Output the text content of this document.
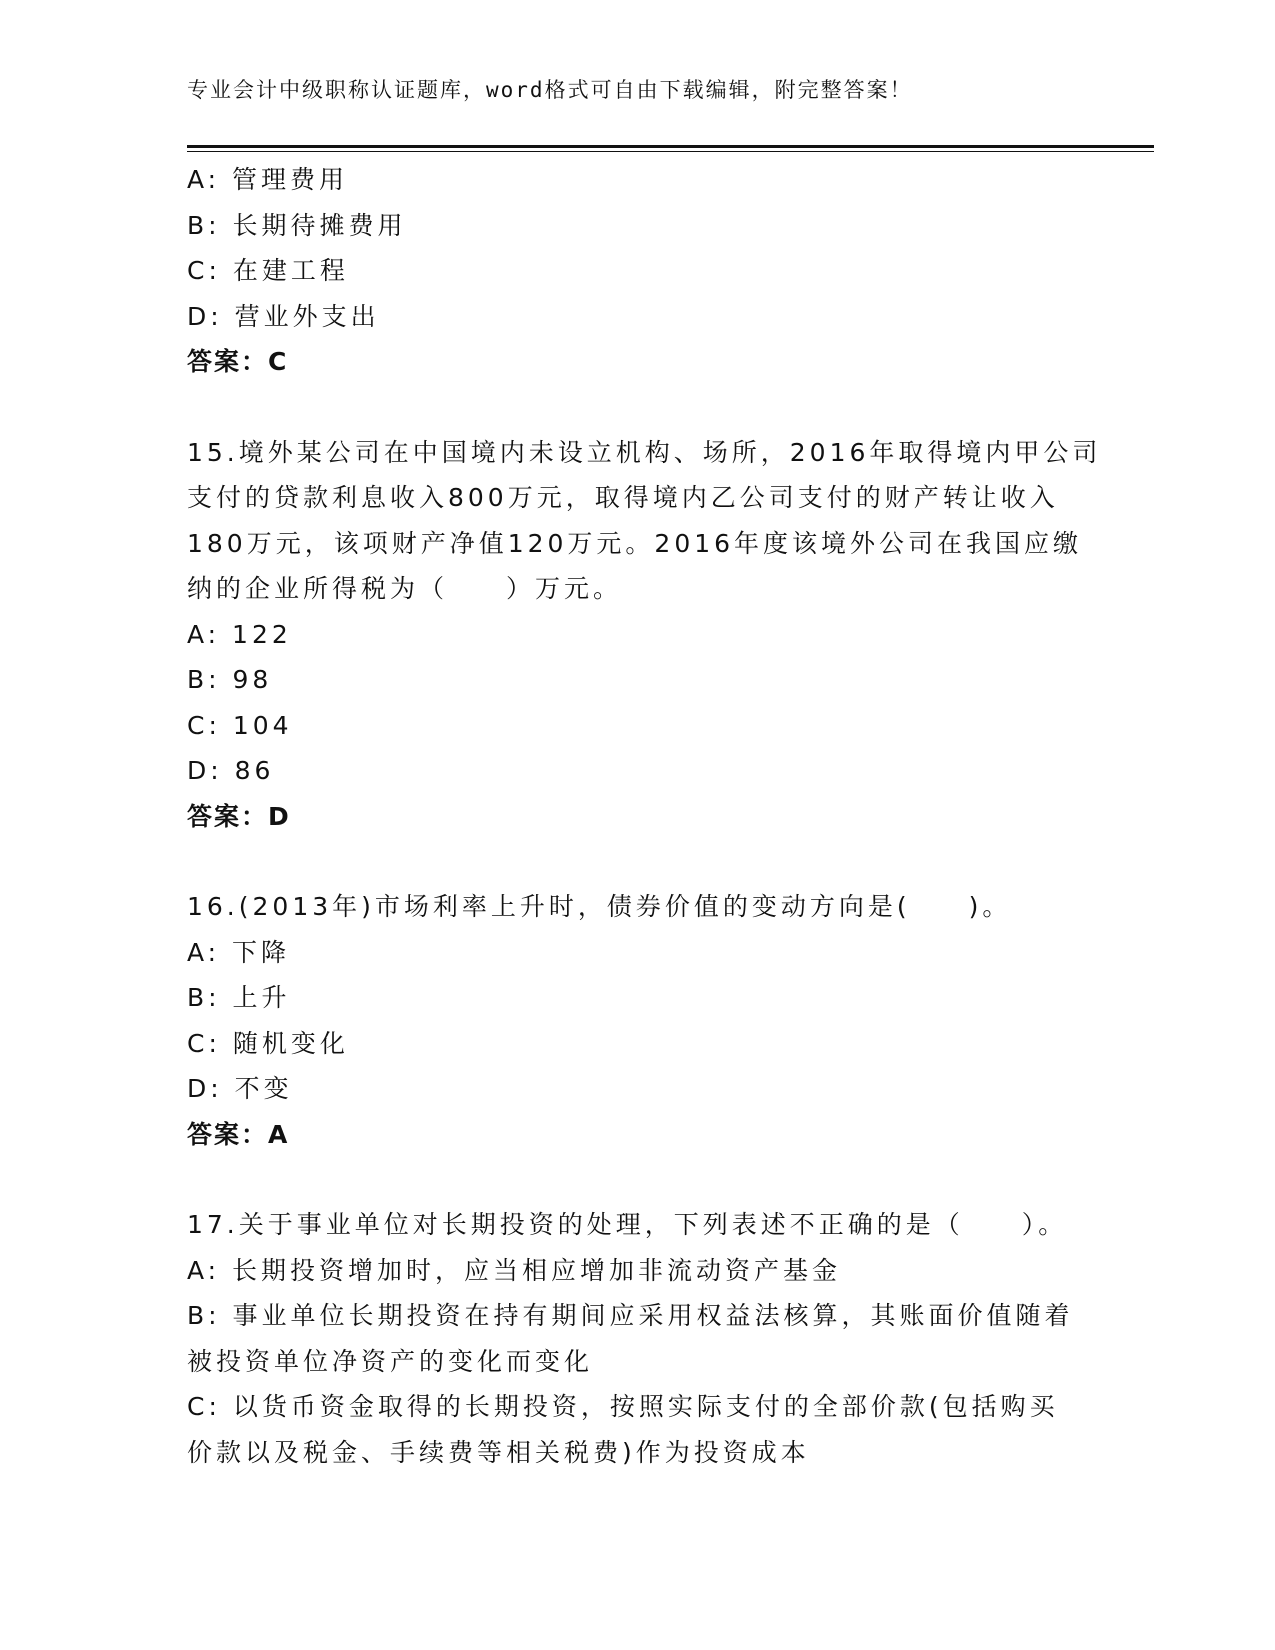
专业会计中级职称认证题库，word格式可自由下载编辑，附完整答案！
A: 管理费用
B: 长期待摊费用
C: 在建工程
D: 营业外支出
答案：C
15.境外某公司在中国境内未设立机构、场所，2016年取得境内甲公司
支付的贷款利息收入800万元，取得境内乙公司支付的财产转让收入
180万元，该项财产净值120万元。2016年度该境外公司在我国应缴
纳的企业所得税为（　　）万元。
A: 122
B: 98
C: 104
D: 86
答案：D
16.(2013年)市场利率上升时，债券价值的变动方向是(　　)。
A: 下降
B: 上升
C: 随机变化
D: 不变
答案：A
17.关于事业单位对长期投资的处理，下列表述不正确的是（　　）。
A: 长期投资增加时，应当相应增加非流动资产基金
B: 事业单位长期投资在持有期间应采用权益法核算，其账面价值随着
被投资单位净资产的变化而变化
C: 以货币资金取得的长期投资，按照实际支付的全部价款(包括购买
价款以及税金、手续费等相关税费)作为投资成本
